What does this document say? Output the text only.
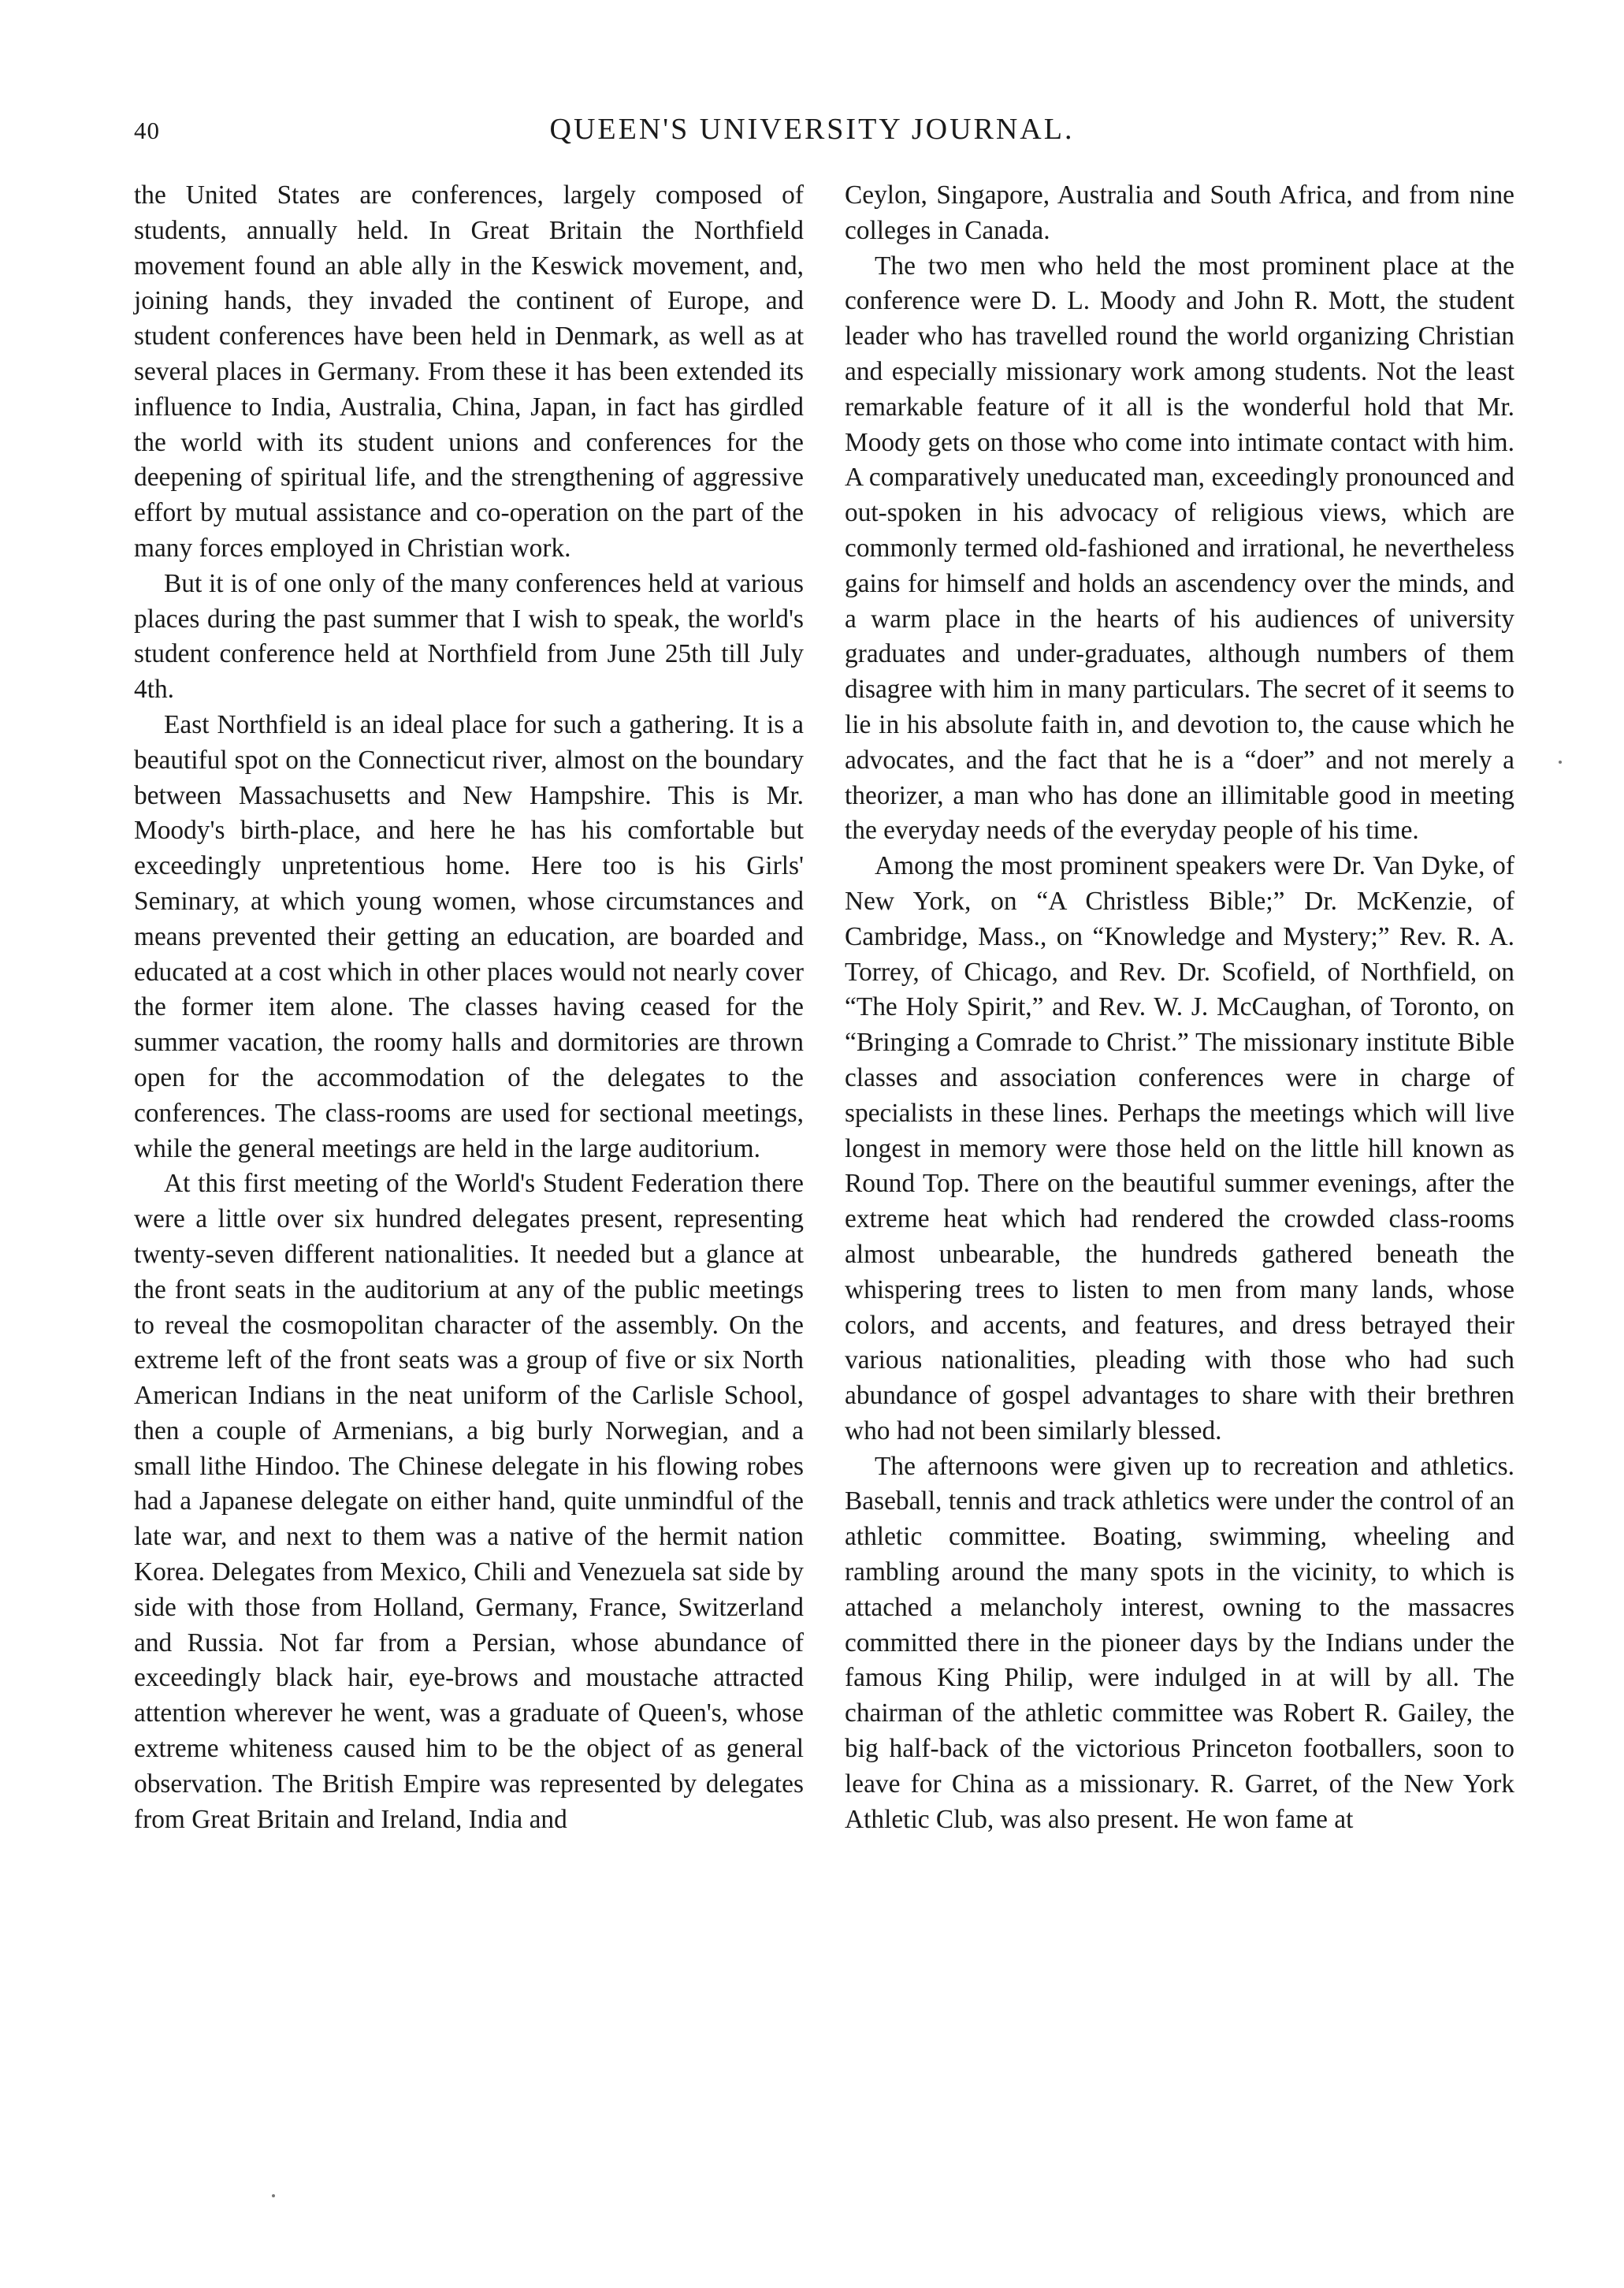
40	QUEEN'S UNIVERSITY JOURNAL.

the United States are conferences, largely composed of students, annually held. In Great Britain the Northfield movement found an able ally in the Keswick movement, and, joining hands, they invaded the continent of Europe, and student conferences have been held in Denmark, as well as at several places in Germany. From these it has been extended its influence to India, Australia, China, Japan, in fact has girdled the world with its student unions and conferences for the deepening of spiritual life, and the strengthening of aggressive effort by mutual assistance and co-operation on the part of the many forces employed in Christian work.

But it is of one only of the many conferences held at various places during the past summer that I wish to speak, the world's student conference held at Northfield from June 25th till July 4th.

East Northfield is an ideal place for such a gathering. It is a beautiful spot on the Connecticut river, almost on the boundary between Massachusetts and New Hampshire. This is Mr. Moody's birth-place, and here he has his comfortable but exceedingly unpretentious home. Here too is his Girls' Seminary, at which young women, whose circumstances and means prevented their getting an education, are boarded and educated at a cost which in other places would not nearly cover the former item alone. The classes having ceased for the summer vacation, the roomy halls and dormitories are thrown open for the accommodation of the delegates to the conferences. The class-rooms are used for sectional meetings, while the general meetings are held in the large auditorium.

At this first meeting of the World's Student Federation there were a little over six hundred delegates present, representing twenty-seven different nationalities. It needed but a glance at the front seats in the auditorium at any of the public meetings to reveal the cosmopolitan character of the assembly. On the extreme left of the front seats was a group of five or six North American Indians in the neat uniform of the Carlisle School, then a couple of Armenians, a big burly Norwegian, and a small lithe Hindoo. The Chinese delegate in his flowing robes had a Japanese delegate on either hand, quite unmindful of the late war, and next to them was a native of the hermit nation Korea. Delegates from Mexico, Chili and Venezuela sat side by side with those from Holland, Germany, France, Switzerland and Russia. Not far from a Persian, whose abundance of exceedingly black hair, eye-brows and moustache attracted attention wherever he went, was a graduate of Queen's, whose extreme whiteness caused him to be the object of as general observation. The British Empire was represented by delegates from Great Britain and Ireland, India and

Ceylon, Singapore, Australia and South Africa, and from nine colleges in Canada.

The two men who held the most prominent place at the conference were D. L. Moody and John R. Mott, the student leader who has travelled round the world organizing Christian and especially missionary work among students. Not the least remarkable feature of it all is the wonderful hold that Mr. Moody gets on those who come into intimate contact with him. A comparatively uneducated man, exceedingly pronounced and out-spoken in his advocacy of religious views, which are commonly termed old-fashioned and irrational, he nevertheless gains for himself and holds an ascendency over the minds, and a warm place in the hearts of his audiences of university graduates and under-graduates, although numbers of them disagree with him in many particulars. The secret of it seems to lie in his absolute faith in, and devotion to, the cause which he advocates, and the fact that he is a “doer” and not merely a theorizer, a man who has done an illimitable good in meeting the everyday needs of the everyday people of his time.

Among the most prominent speakers were Dr. Van Dyke, of New York, on “A Christless Bible;” Dr. McKenzie, of Cambridge, Mass., on “Knowledge and Mystery;” Rev. R. A. Torrey, of Chicago, and Rev. Dr. Scofield, of Northfield, on “The Holy Spirit,” and Rev. W. J. McCaughan, of Toronto, on “Bringing a Comrade to Christ.” The missionary institute Bible classes and association conferences were in charge of specialists in these lines. Perhaps the meetings which will live longest in memory were those held on the little hill known as Round Top. There on the beautiful summer evenings, after the extreme heat which had rendered the crowded class-rooms almost unbearable, the hundreds gathered beneath the whispering trees to listen to men from many lands, whose colors, and accents, and features, and dress betrayed their various nationalities, pleading with those who had such abundance of gospel advantages to share with their brethren who had not been similarly blessed.

The afternoons were given up to recreation and athletics. Baseball, tennis and track athletics were under the control of an athletic committee. Boating, swimming, wheeling and rambling around the many spots in the vicinity, to which is attached a melancholy interest, owning to the massacres committed there in the pioneer days by the Indians under the famous King Philip, were indulged in at will by all. The chairman of the athletic committee was Robert R. Gailey, the big half-back of the victorious Princeton footballers, soon to leave for China as a missionary. R. Garret, of the New York Athletic Club, was also present. He won fame at
